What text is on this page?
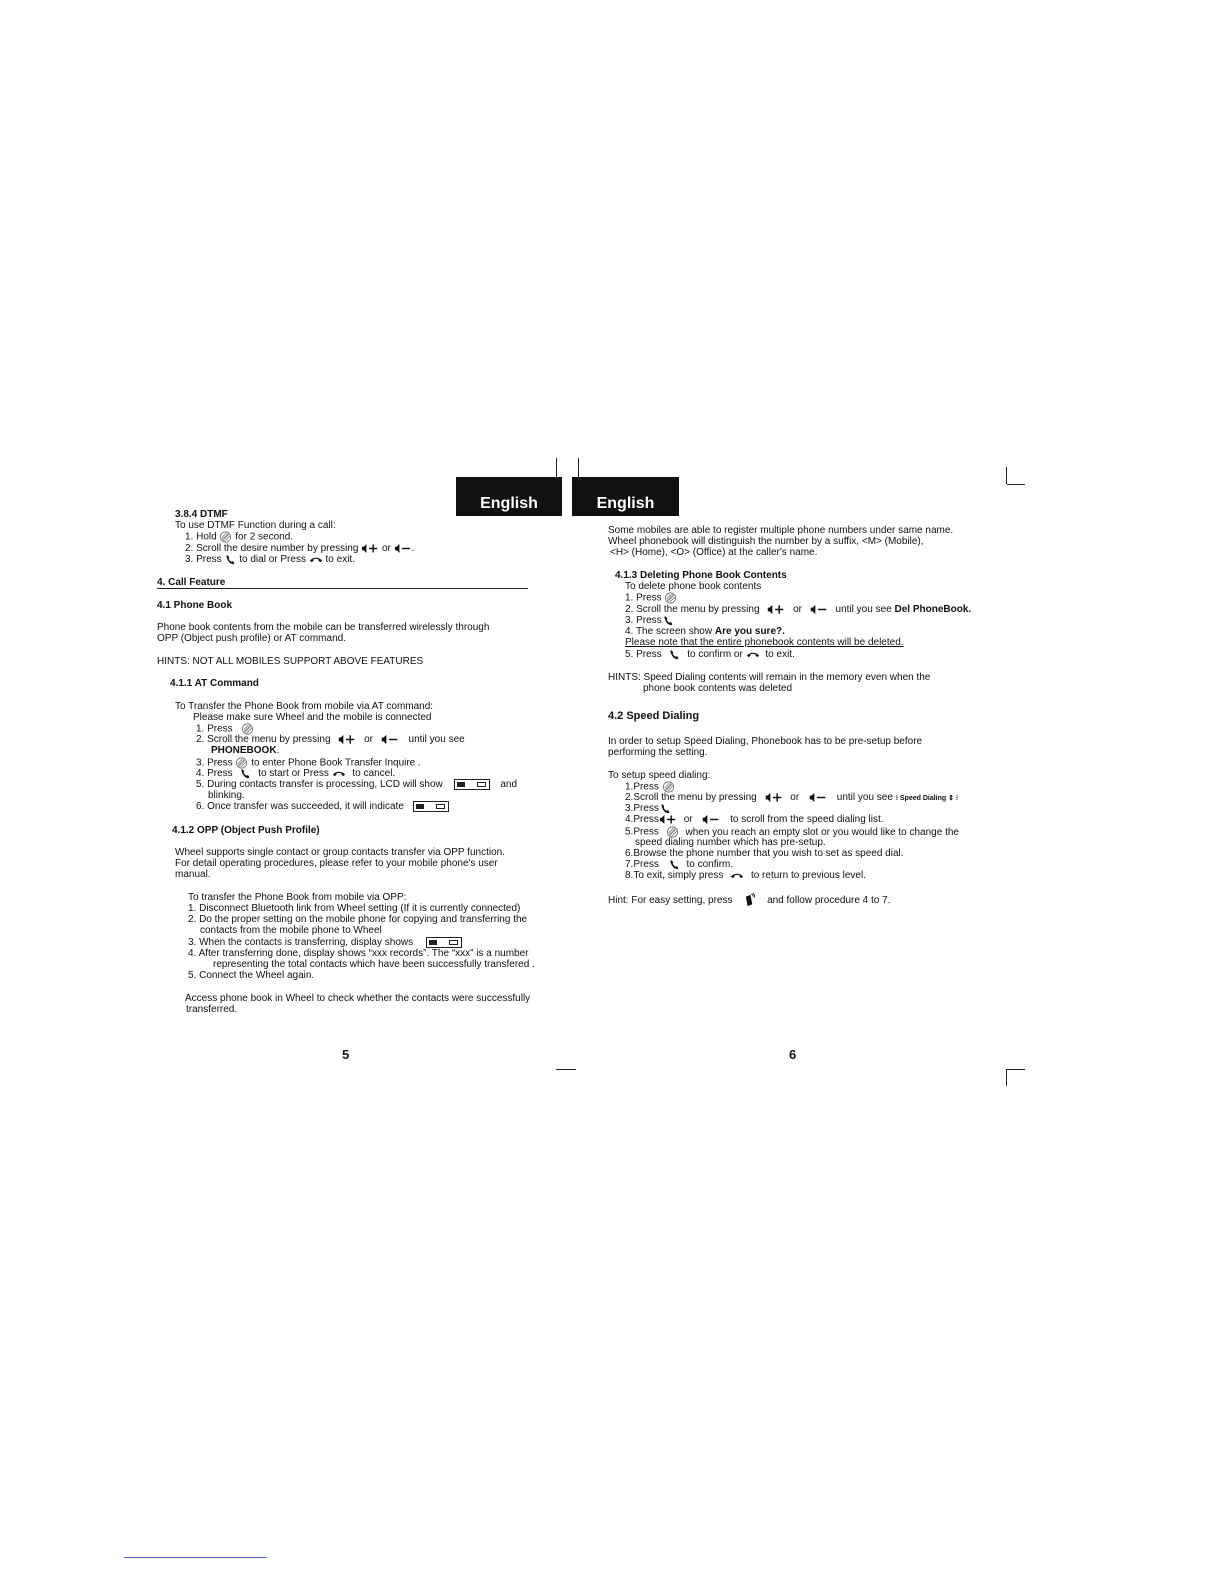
English	English
3.8.4 DTMF
To use DTMF Function during a call:
1. Hold for 2 second.
2. Scroll the desire number by pressing or .
3. Press to dial or Press to exit.
4. Call Feature
4.1 Phone Book
Phone book contents from the mobile can be transferred wirelessly through
OPP (Object push profile) or AT command.
HINTS: NOT ALL MOBILES SUPPORT ABOVE FEATURES
4.1.1 AT Command
To Transfer the Phone Book from mobile via AT command:
Please make sure Wheel and the mobile is connected
1. Press
2. Scroll the menu by pressing	or	until you see
PHONEBOOK.
3. Press to enter Phone Book Transfer Inquire .
4. Press	to start or Press to cancel.
5. During contacts transfer is processing, LCD will show	and
blinking.
6. Once transfer was succeeded, it will indicate
4.1.2 OPP (Object Push Profile)
Wheel supports single contact or group contacts transfer via OPP function.
For detail operating procedures, please refer to your mobile phone's user
manual.
To transfer the Phone Book from mobile via OPP:
1. Disconnect Bluetooth link from Wheel setting (If it is currently connected)
2. Do the proper setting on the mobile phone for copying and transferring the
contacts from the mobile phone to Wheel
3. When the contacts is transferring, display shows
4. After transferring done, display shows “xxx records”. The “xxx” is a number
representing the total contacts which have been successfully transfered .
5. Connect the Wheel again.
Access phone book in Wheel to check whether the contacts were successfully
transferred.
5
Some mobiles are able to register multiple phone numbers under same name.
Wheel phonebook will distinguish the number by a suffix, <M> (Mobile),
<H> (Home), <O> (Office) at the caller's name.
4.1.3 Deleting Phone Book Contents
To delete phone book contents
1. Press
2. Scroll the menu by pressing	or	until you see Del PhoneBook.
3. Press
4. The screen show Are you sure?.
Please note that the entire phonebook contents will be deleted.
5. Press	to confirm or to exit.
HINTS: Speed Dialing contents will remain in the memory even when the
phone book contents was deleted
4.2 Speed Dialing
In order to setup Speed Dialing, Phonebook has to be pre-setup before
performing the setting.
To setup speed dialing:
1.Press
2.Scroll the menu by pressing	or	until you see ⁝ Speed Dialing ⇕ ⁝
3.Press
4.Press or	to scroll from the speed dialing list.
5.Press	when you reach an empty slot or you would like to change the
speed dialing number which has pre-setup.
6.Browse the phone number that you wish to set as speed dial.
7.Press	to confirm.
8.To exit, simply press	to return to previous level.
Hint: For easy setting, press	and follow procedure 4 to 7.
6
